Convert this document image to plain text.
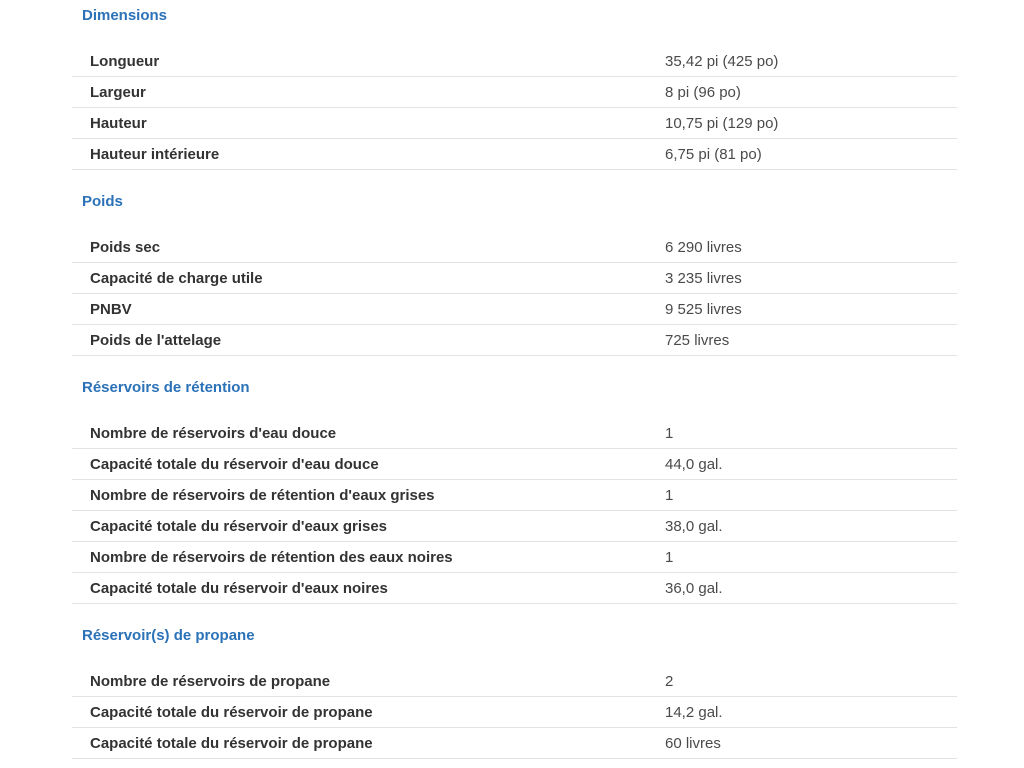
Dimensions
Longueur	35,42 pi (425 po)
Largeur	8 pi (96 po)
Hauteur	10,75 pi (129 po)
Hauteur intérieure	6,75 pi (81 po)
Poids
Poids sec	6 290 livres
Capacité de charge utile	3 235 livres
PNBV	9 525 livres
Poids de l'attelage	725 livres
Réservoirs de rétention
Nombre de réservoirs d'eau douce	1
Capacité totale du réservoir d'eau douce	44,0 gal.
Nombre de réservoirs de rétention d'eaux grises	1
Capacité totale du réservoir d'eaux grises	38,0 gal.
Nombre de réservoirs de rétention des eaux noires	1
Capacité totale du réservoir d'eaux noires	36,0 gal.
Réservoir(s) de propane
Nombre de réservoirs de propane	2
Capacité totale du réservoir de propane	14,2 gal.
Capacité totale du réservoir de propane	60 livres
